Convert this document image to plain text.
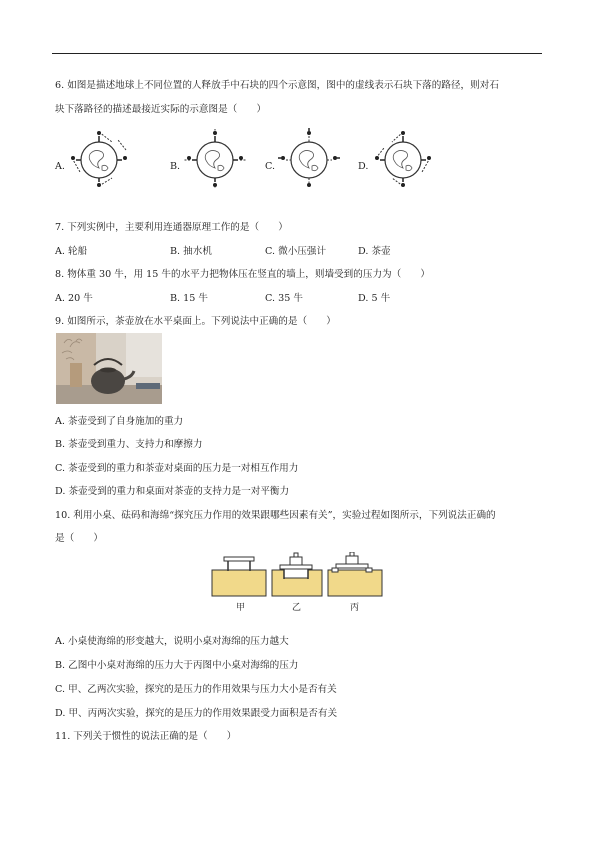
6. 如图是描述地球上不同位置的人释放手中石块的四个示意图，图中的虚线表示石块下落的路径，则对石
块下落路径的描述最接近实际的示意图是（　　）
A.	B.	C.	D.
7. 下列实例中，主要利用连通器原理工作的是（　　）
A. 轮船	B. 抽水机	C. 微小压强计	D. 茶壶
8. 物体重 30 牛，用 15 牛的水平力把物体压在竖直的墙上，则墙受到的压力为（　　）
A. 20 牛	B. 15 牛	C. 35 牛	D. 5 牛
9. 如图所示，茶壶放在水平桌面上。下列说法中正确的是（　　）
A. 茶壶受到了自身施加的重力
B. 茶壶受到重力、支持力和摩擦力
C. 茶壶受到的重力和茶壶对桌面的压力是一对相互作用力
D. 茶壶受到的重力和桌面对茶壶的支持力是一对平衡力
10. 利用小桌、砝码和海绵“探究压力作用的效果跟哪些因素有关”，实验过程如图所示，下列说法正确的
是（　　）
甲	乙	丙
A. 小桌使海绵的形变越大，说明小桌对海绵的压力越大
B. 乙图中小桌对海绵的压力大于丙图中小桌对海绵的压力
C. 甲、乙两次实验，探究的是压力的作用效果与压力大小是否有关
D. 甲、丙两次实验，探究的是压力的作用效果跟受力面积是否有关
11. 下列关于惯性的说法正确的是（　　）
